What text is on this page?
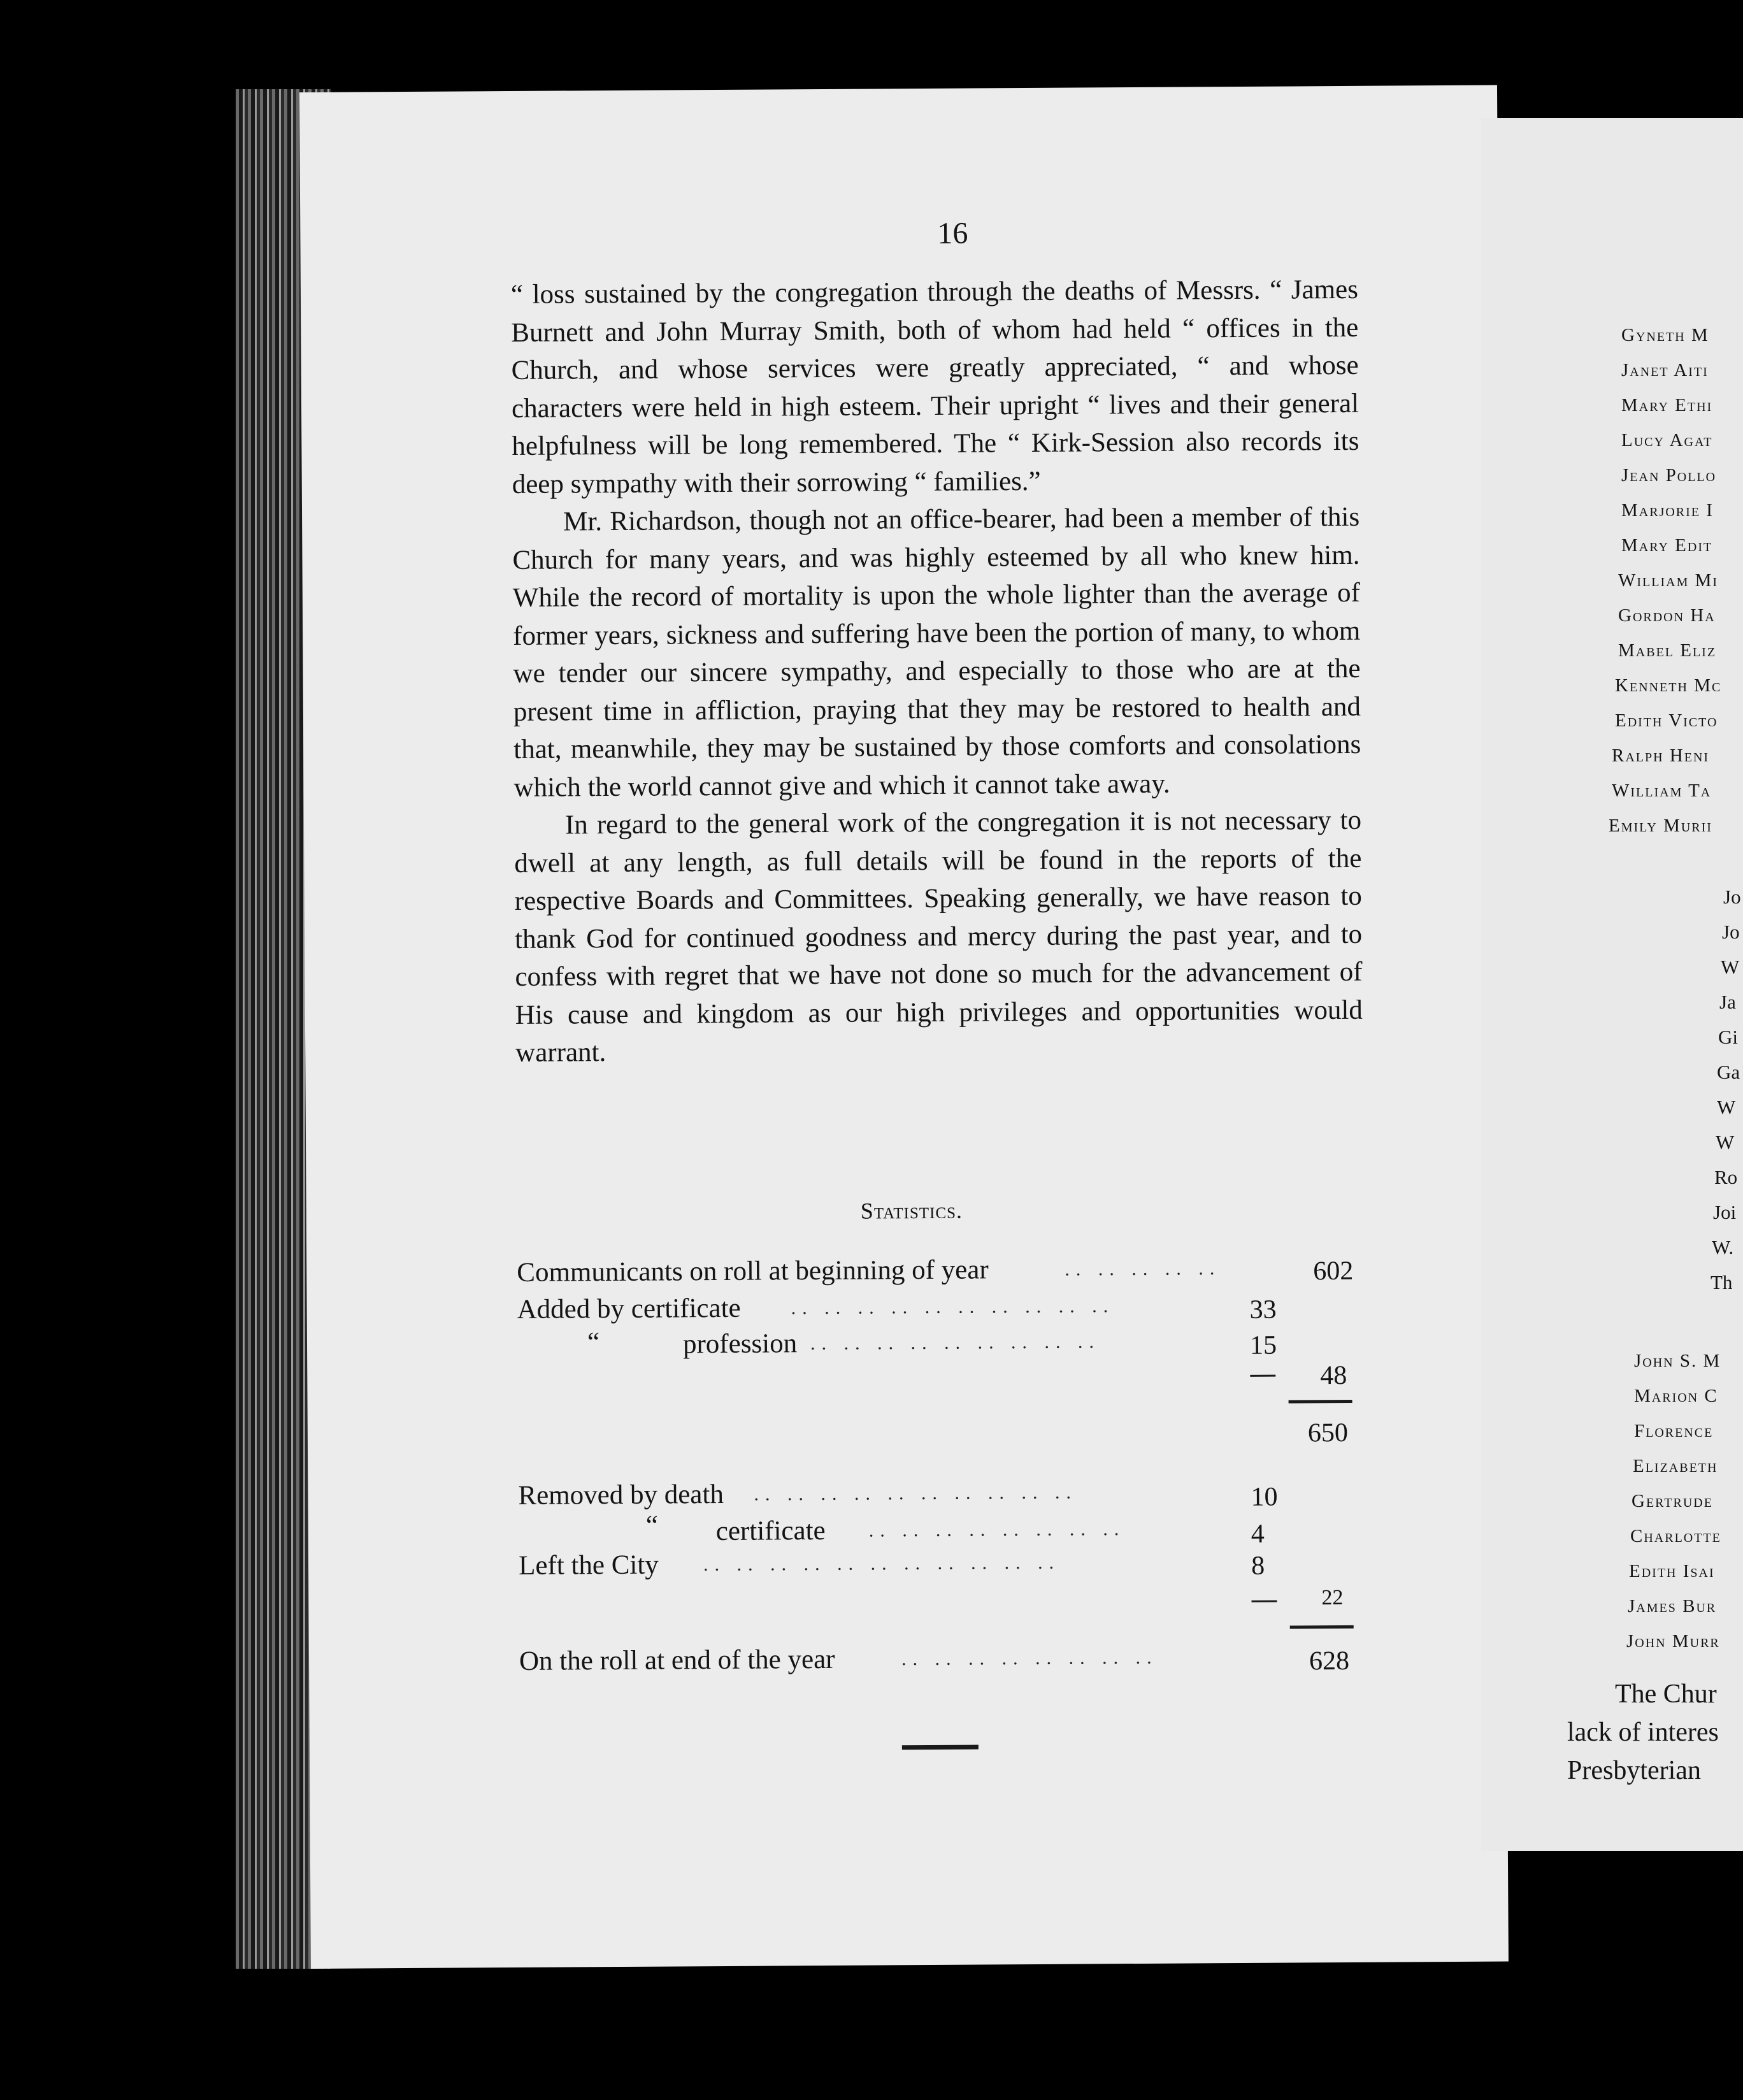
16

“ loss sustained by the congregation through the deaths of Messrs. “ James Burnett and John Murray Smith, both of whom had held “ offices in the Church, and whose services were greatly appreciated, “ and whose characters were held in high esteem. Their upright “ lives and their general helpfulness will be long remembered. The “ Kirk-Session also records its deep sympathy with their sorrowing “ families.”

Mr. Richardson, though not an office-bearer, had been a member of this Church for many years, and was highly esteemed by all who knew him. While the record of mortality is upon the whole lighter than the average of former years, sickness and suffering have been the portion of many, to whom we tender our sincere sympathy, and especially to those who are at the present time in affliction, praying that they may be restored to health and that, meanwhile, they may be sustained by those comforts and consolations which the world cannot give and which it cannot take away.

In regard to the general work of the congregation it is not necessary to dwell at any length, as full details will be found in the reports of the respective Boards and Committees. Speaking generally, we have reason to thank God for continued goodness and mercy during the past year, and to confess with regret that we have not done so much for the advancement of His cause and kingdom as our high privileges and opportunities would warrant.

Statistics.
Communicants on roll at beginning of year	.. .. .. .. ..	602
Added by certificate	.. .. .. .. .. .. .. .. .. ..	33
“	profession .. .. .. .. .. .. .. .. ..	15
48
650
Removed by death .. .. .. .. .. .. .. .. .. ..	10
“ certificate .. .. .. .. .. .. .. ..	4
Left the City .. .. .. .. .. .. .. .. .. .. ..	8
22
On the roll at end of the year	.. .. .. .. .. .. .. ..	628
Gyneth M
Janet Aiti
Mary Ethi
Lucy Agat
Jean Pollo
Marjorie I
Mary Edit
William Mi
Gordon Ha
Mabel Eliz
Kenneth Mc
Edith Victo
Ralph Heni
William Ta
Emily Murii
Jo
Jo
W
Ja
Gi
Ga
W
W
Ro
Joi
W.
Th
John S. M
Marion C
Florence
Elizabeth
Gertrude
Charlotte
Edith Isai
James Bur
John Murr
The Chur
lack of interes
Presbyterian
